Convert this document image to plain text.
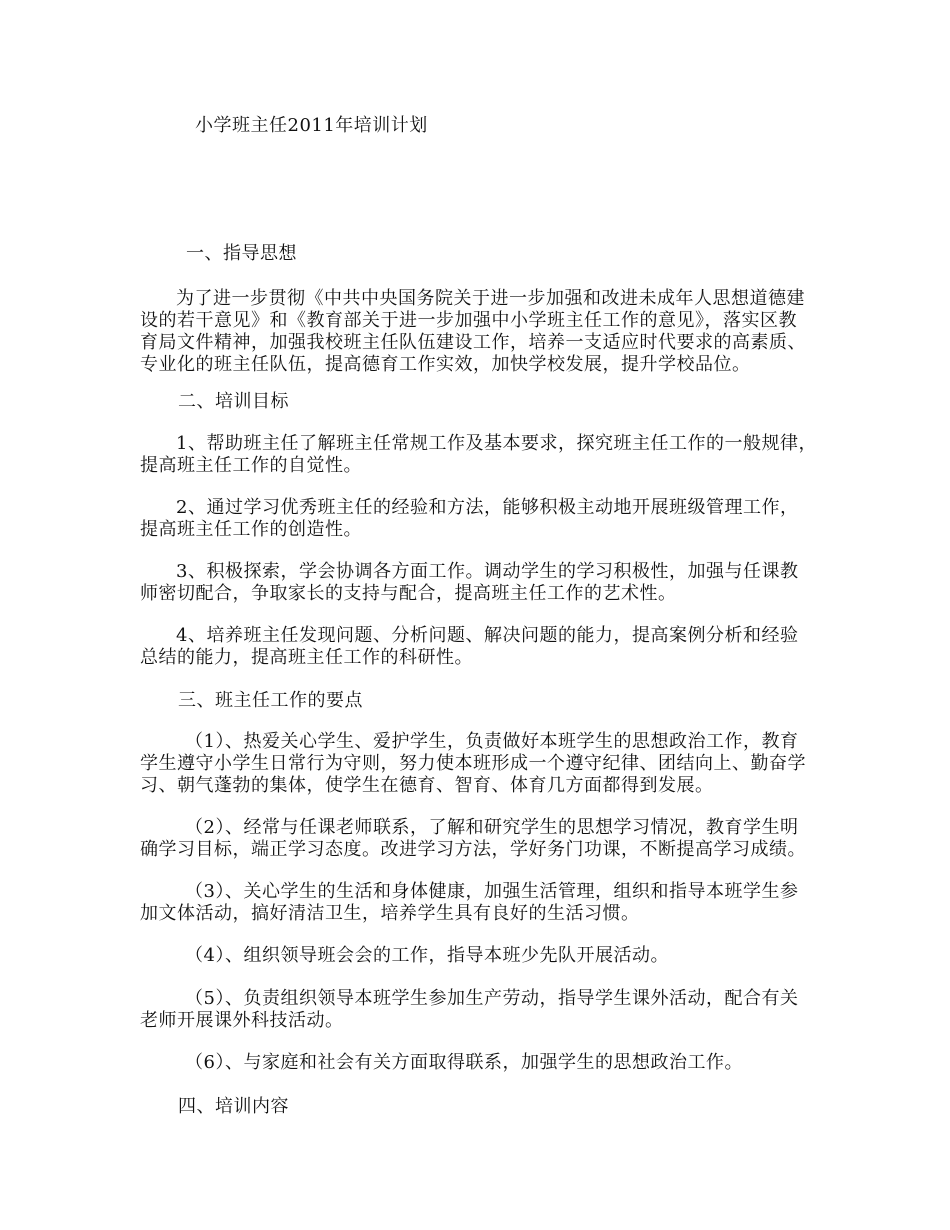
小学班主任2011年培训计划
一、指导思想
为了进一步贯彻《中共中央国务院关于进一步加强和改进未成年人思想道德建
设的若干意见》和《教育部关于进一步加强中小学班主任工作的意见》，落实区教
育局文件精神，加强我校班主任队伍建设工作，培养一支适应时代要求的高素质、
专业化的班主任队伍，提高德育工作实效，加快学校发展，提升学校品位。
二、培训目标
1、帮助班主任了解班主任常规工作及基本要求，探究班主任工作的一般规律，
提高班主任工作的自觉性。
2、通过学习优秀班主任的经验和方法，能够积极主动地开展班级管理工作，
提高班主任工作的创造性。
3、积极探索，学会协调各方面工作。调动学生的学习积极性，加强与任课教
师密切配合，争取家长的支持与配合，提高班主任工作的艺术性。
4、培养班主任发现问题、分析问题、解决问题的能力，提高案例分析和经验
总结的能力，提高班主任工作的科研性。
三、班主任工作的要点
（1）、热爱关心学生、爱护学生，负责做好本班学生的思想政治工作，教育
学生遵守小学生日常行为守则，努力使本班形成一个遵守纪律、团结向上、勤奋学
习、朝气蓬勃的集体，使学生在德育、智育、体育几方面都得到发展。
（2）、经常与任课老师联系，了解和研究学生的思想学习情况，教育学生明
确学习目标，端正学习态度。改进学习方法，学好务门功课，不断提高学习成绩。
（3）、关心学生的生活和身体健康，加强生活管理，组织和指导本班学生参
加文体活动，搞好清洁卫生，培养学生具有良好的生活习惯。
（4）、组织领导班会会的工作，指导本班少先队开展活动。
（5）、负责组织领导本班学生参加生产劳动，指导学生课外活动，配合有关
老师开展课外科技活动。
（6）、与家庭和社会有关方面取得联系，加强学生的思想政治工作。
四、培训内容
